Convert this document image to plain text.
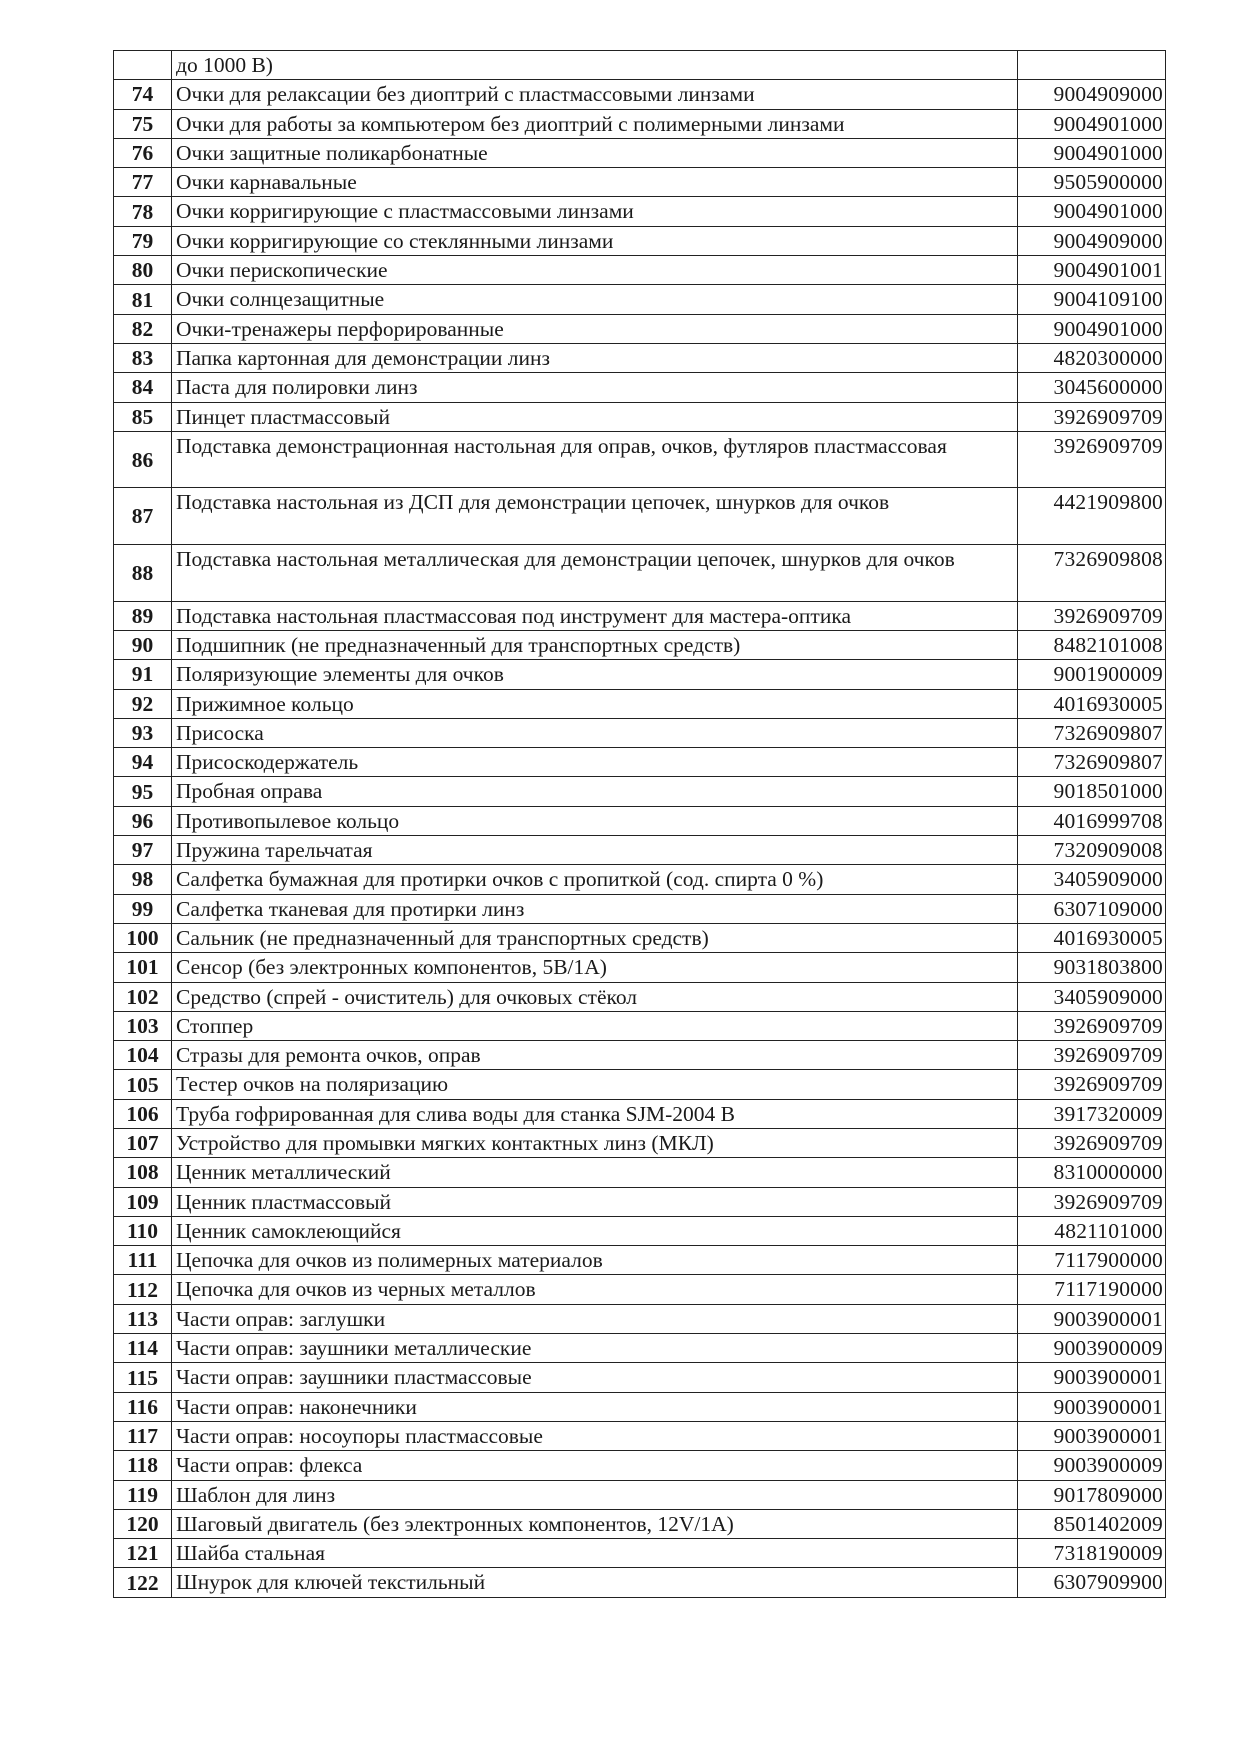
	до 1000 В)	
74	Очки для релаксации без диоптрий с пластмассовыми линзами	9004909000
75	Очки для работы за компьютером без диоптрий с полимерными линзами	9004901000
76	Очки защитные поликарбонатные	9004901000
77	Очки карнавальные	9505900000
78	Очки корригирующие с пластмассовыми линзами	9004901000
79	Очки корригирующие со стеклянными линзами	9004909000
80	Очки перископические	9004901001
81	Очки солнцезащитные	9004109100
82	Очки-тренажеры перфорированные	9004901000
83	Папка картонная для демонстрации линз	4820300000
84	Паста для полировки линз	3045600000
85	Пинцет пластмассовый	3926909709
86	Подставка демонстрационная настольная для оправ, очков, футляров пластмассовая	3926909709
87	Подставка настольная из ДСП для демонстрации цепочек, шнурков для очков	4421909800
88	Подставка настольная металлическая для демонстрации цепочек, шнурков для очков	7326909808
89	Подставка настольная пластмассовая под инструмент для мастера-оптика	3926909709
90	Подшипник (не предназначенный для транспортных средств)	8482101008
91	Поляризующие элементы для очков	9001900009
92	Прижимное кольцо	4016930005
93	Присоска	7326909807
94	Присоскодержатель	7326909807
95	Пробная оправа	9018501000
96	Противопылевое кольцо	4016999708
97	Пружина тарельчатая	7320909008
98	Салфетка бумажная для протирки очков с пропиткой (сод. спирта 0 %)	3405909000
99	Салфетка тканевая для протирки линз	6307109000
100	Сальник (не предназначенный для транспортных средств)	4016930005
101	Сенсор (без электронных компонентов, 5В/1А)	9031803800
102	Средство (спрей - очиститель) для очковых стёкол	3405909000
103	Стоппер	3926909709
104	Стразы для ремонта очков, оправ	3926909709
105	Тестер очков на поляризацию	3926909709
106	Труба гофрированная для слива воды для станка SJM-2004 B	3917320009
107	Устройство для промывки мягких контактных линз (МКЛ)	3926909709
108	Ценник металлический	8310000000
109	Ценник пластмассовый	3926909709
110	Ценник самоклеющийся	4821101000
111	Цепочка для очков из полимерных материалов	7117900000
112	Цепочка для очков из черных металлов	7117190000
113	Части оправ: заглушки	9003900001
114	Части оправ: заушники металлические	9003900009
115	Части оправ: заушники пластмассовые	9003900001
116	Части оправ: наконечники	9003900001
117	Части оправ: носоупоры пластмассовые	9003900001
118	Части оправ: флекса	9003900009
119	Шаблон для линз	9017809000
120	Шаговый двигатель (без электронных компонентов, 12V/1A)	8501402009
121	Шайба стальная	7318190009
122	Шнурок для ключей текстильный	6307909900
